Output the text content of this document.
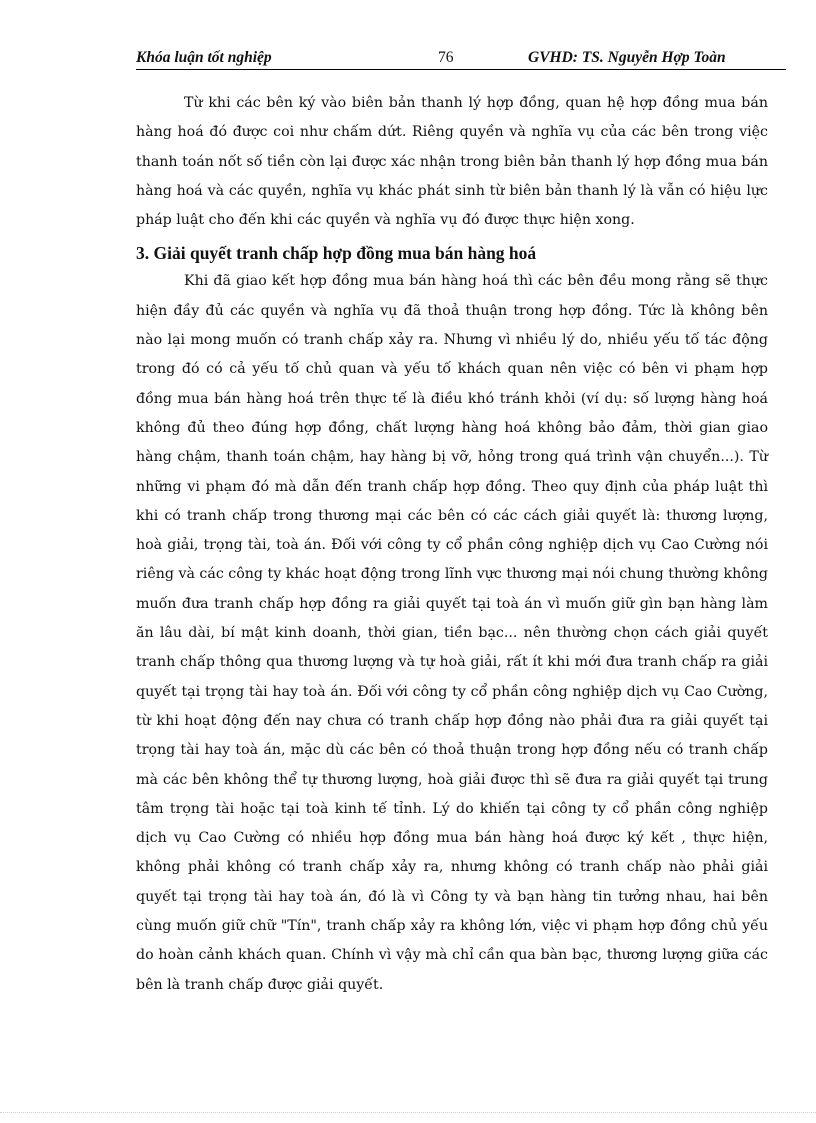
Khóa luận tốt nghiệp	76	GVHD: TS. Nguyễn Hợp Toàn

Từ khi các bên ký vào biên bản thanh lý hợp đồng, quan hệ hợp đồng mua bán hàng hoá đó được coi như chấm dứt. Riêng quyền và nghĩa vụ của các bên trong việc thanh toán nốt số tiền còn lại được xác nhận trong biên bản thanh lý hợp đồng mua bán hàng hoá và các quyền, nghĩa vụ khác phát sinh từ biên bản thanh lý là vẫn có hiệu lực pháp luật cho đến khi các quyền và nghĩa vụ đó được thực hiện xong.

3. Giải quyết tranh chấp hợp đồng mua bán hàng hoá

Khi đã giao kết hợp đồng mua bán hàng hoá thì các bên đều mong rằng sẽ thực hiện đầy đủ các quyền và nghĩa vụ đã thoả thuận trong hợp đồng. Tức là không bên nào lại mong muốn có tranh chấp xảy ra. Nhưng vì nhiều lý do, nhiều yếu tố tác động trong đó có cả yếu tố chủ quan và yếu tố khách quan nên việc có bên vi phạm hợp đồng mua bán hàng hoá trên thực tế là điều khó tránh khỏi (ví dụ: số lượng hàng hoá không đủ theo đúng hợp đồng, chất lượng hàng hoá không bảo đảm, thời gian giao hàng chậm, thanh toán chậm, hay hàng bị vỡ, hỏng trong quá trình vận chuyển...). Từ những vi phạm đó mà dẫn đến tranh chấp hợp đồng. Theo quy định của pháp luật thì khi có tranh chấp trong thương mại các bên có các cách giải quyết là: thương lượng, hoà giải, trọng tài, toà án. Đối với công ty cổ phần công nghiệp dịch vụ Cao Cường nói riêng và các công ty khác hoạt động trong lĩnh vực thương mại nói chung thường không muốn đưa tranh chấp hợp đồng ra giải quyết tại toà án vì muốn giữ gìn bạn hàng làm ăn lâu dài, bí mật kinh doanh, thời gian, tiền bạc... nên thường chọn cách giải quyết tranh chấp thông qua thương lượng và tự hoà giải, rất ít khi mới đưa tranh chấp ra giải quyết tại trọng tài hay toà án. Đối với công ty cổ phần công nghiệp dịch vụ Cao Cường, từ khi hoạt động đến nay chưa có tranh chấp hợp đồng nào phải đưa ra giải quyết tại trọng tài hay toà án, mặc dù các bên có thoả thuận trong hợp đồng nếu có tranh chấp mà các bên không thể tự thương lượng, hoà giải được thì sẽ đưa ra giải quyết tại trung tâm trọng tài hoặc tại toà kinh tế tỉnh. Lý do khiến tại công ty cổ phần công nghiệp dịch vụ Cao Cường có nhiều hợp đồng mua bán hàng hoá được ký kết , thực hiện, không phải không có tranh chấp xảy ra, nhưng không có tranh chấp nào phải giải quyết tại trọng tài hay toà án, đó là vì Công ty và bạn hàng tin tưởng nhau, hai bên cùng muốn giữ chữ "Tín", tranh chấp xảy ra không lớn, việc vi phạm hợp đồng chủ yếu do hoàn cảnh khách quan. Chính vì vậy mà chỉ cần qua bàn bạc, thương lượng giữa các bên là tranh chấp được giải quyết.
